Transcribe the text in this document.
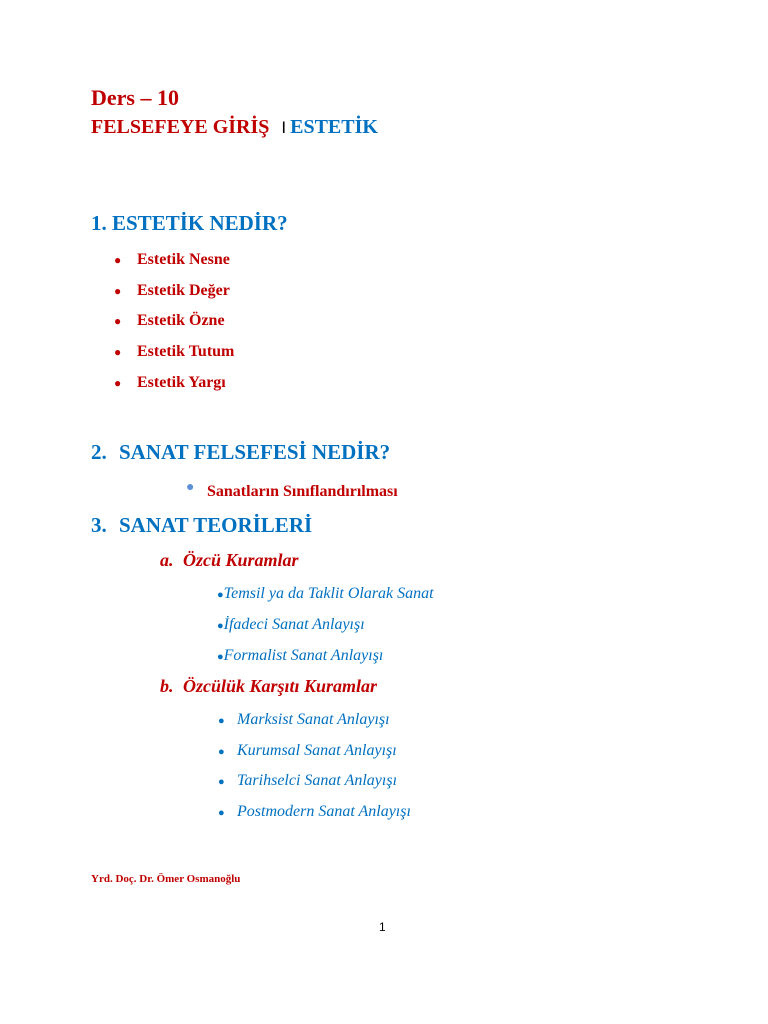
Ders – 10
FELSEFEYE GİRİŞ I ESTETİK
1. ESTETİK NEDİR?
● Estetik Nesne
● Estetik Değer
● Estetik Özne
● Estetik Tutum
● Estetik Yargı
2. SANAT FELSEFESİ NEDİR?
● Sanatların Sınıflandırılması
3. SANAT TEORİLERİ
a. Özcü Kuramlar
●Temsil ya da Taklit Olarak Sanat
●İfadeci Sanat Anlayışı
●Formalist Sanat Anlayışı
b. Özcülük Karşıtı Kuramlar
● Marksist Sanat Anlayışı
● Kurumsal Sanat Anlayışı
● Tarihselci Sanat Anlayışı
● Postmodern Sanat Anlayışı
Yrd. Doç. Dr. Ömer Osmanoğlu
1
